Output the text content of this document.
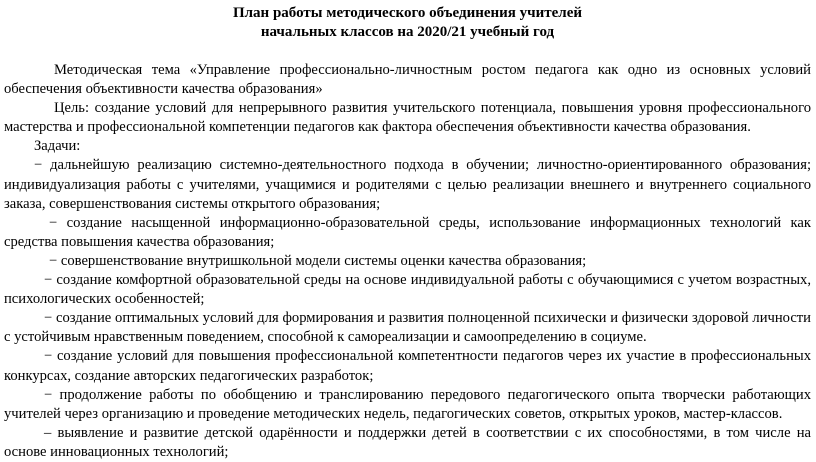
План работы методического объединения учителей

начальных классов на 2020/21 учебный год

Методическая тема «Управление профессионально-личностным ростом педагога как одно из основных условий обеспечения объективности качества образования»

Цель: создание условий для непрерывного развития учительского потенциала, повышения уровня профессионального мастерства и профессиональной компетенции педагогов как фактора обеспечения объективности качества образования.

Задачи:

− дальнейшую реализацию системно-деятельностного подхода в обучении; личностно-ориентированного образования; индивидуализация работы с учителями, учащимися и родителями с целью реализации внешнего и внутреннего социального заказа, совершенствования системы открытого образования;

− создание насыщенной информационно-образовательной среды, использование информационных технологий как средства повышения качества образования;

− совершенствование внутришкольной модели системы оценки качества образования;

− создание комфортной образовательной среды на основе индивидуальной работы с обучающимися с учетом возрастных, психологических особенностей;

− создание оптимальных условий для формирования и развития полноценной психически и физически здоровой личности с устойчивым нравственным поведением, способной к самореализации и самоопределению в социуме.

− создание условий для повышения профессиональной компетентности педагогов через их участие в профессиональных конкурсах, создание авторских педагогических разработок;

− продолжение работы по обобщению и транслированию передового педагогического опыта творчески работающих учителей через организацию и проведение методических недель, педагогических советов, открытых уроков, мастер-классов.

– выявление и развитие детской одарённости и поддержки детей в соответствии с их способностями, в том числе на основе инновационных технологий;
